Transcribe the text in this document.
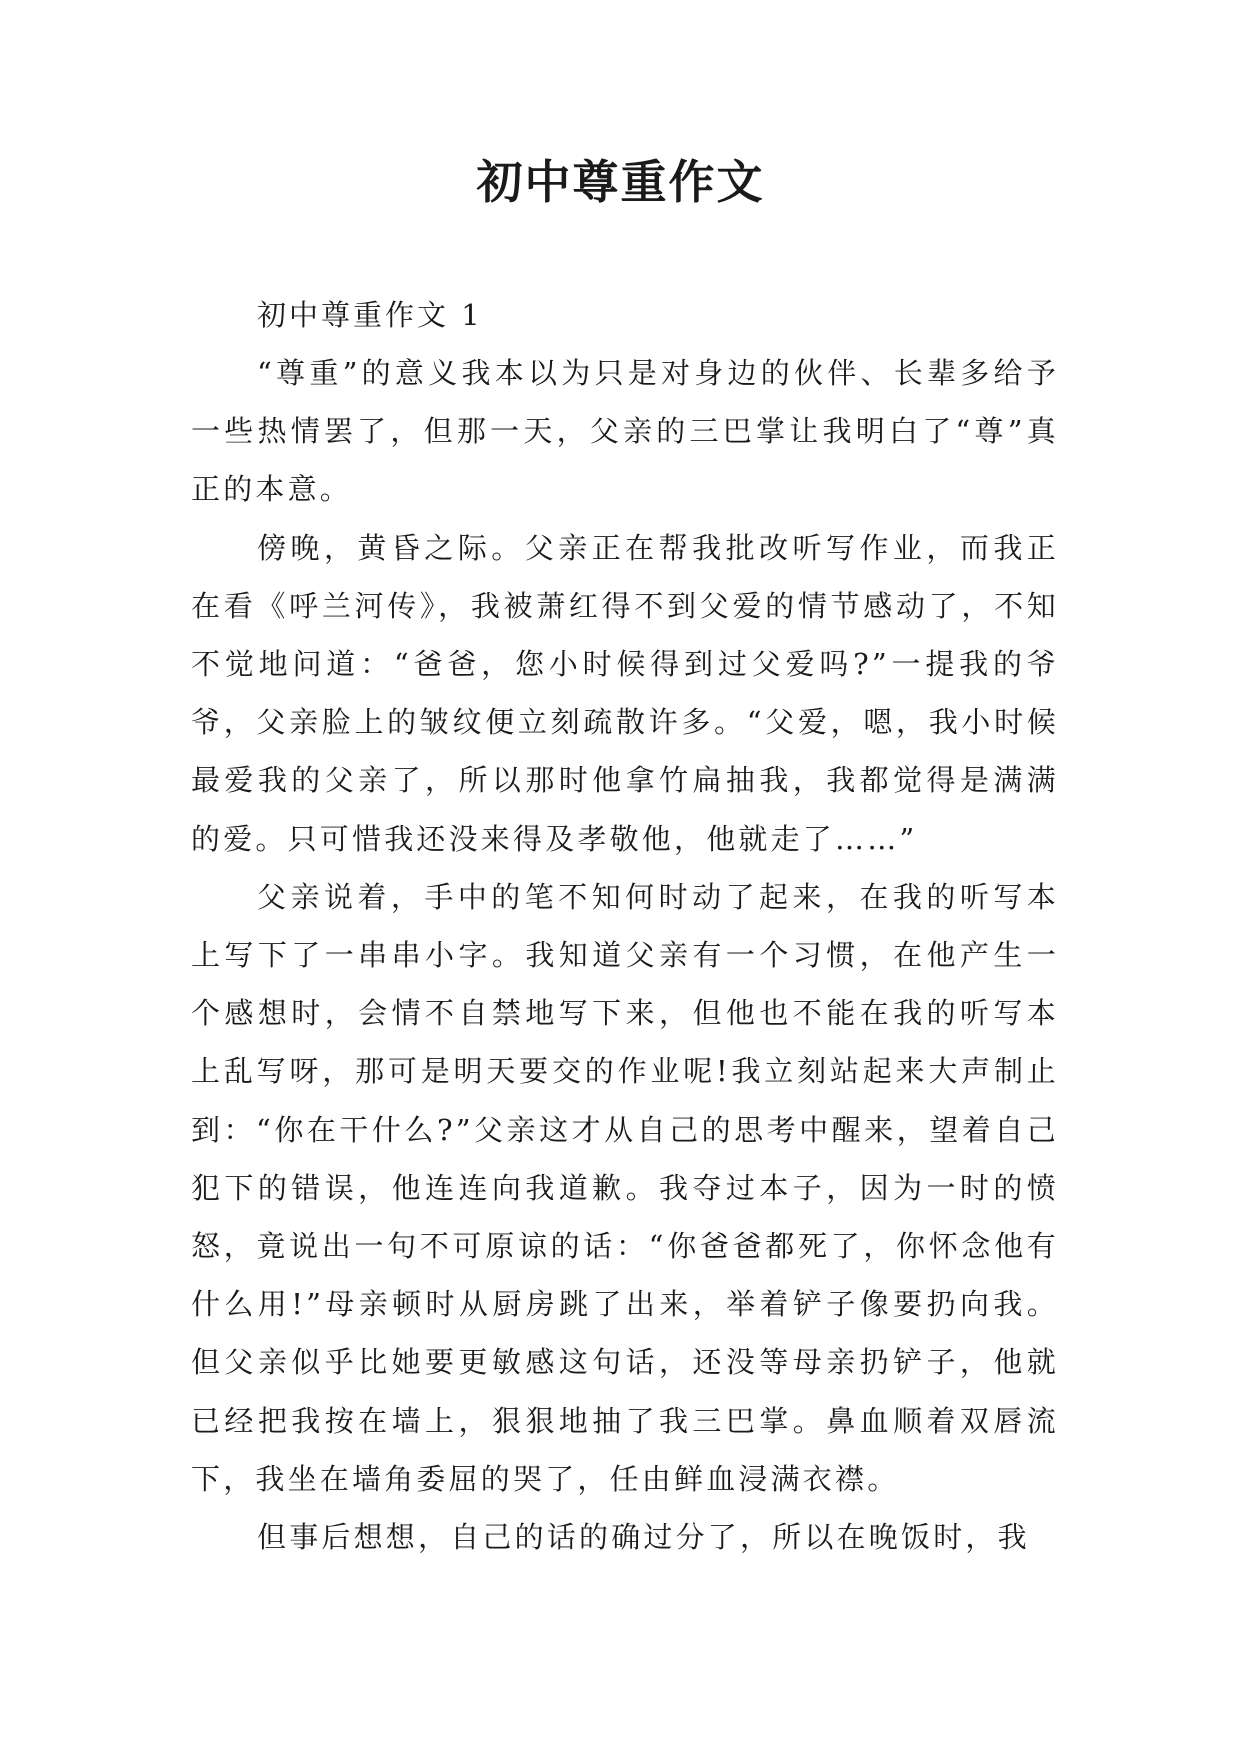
初中尊重作文

初中尊重作文 1

“尊重”的意义我本以为只是对身边的伙伴、长辈多给予一些热情罢了，但那一天，父亲的三巴掌让我明白了“尊”真正的本意。

傍晚，黄昏之际。父亲正在帮我批改听写作业，而我正在看《呼兰河传》，我被萧红得不到父爱的情节感动了，不知不觉地问道：“爸爸，您小时候得到过父爱吗?”一提我的爷爷，父亲脸上的皱纹便立刻疏散许多。“父爱，嗯，我小时候最爱我的父亲了，所以那时他拿竹扁抽我，我都觉得是满满的爱。只可惜我还没来得及孝敬他，他就走了……”

父亲说着，手中的笔不知何时动了起来，在我的听写本上写下了一串串小字。我知道父亲有一个习惯，在他产生一个感想时，会情不自禁地写下来，但他也不能在我的听写本上乱写呀，那可是明天要交的作业呢!我立刻站起来大声制止到：“你在干什么?”父亲这才从自己的思考中醒来，望着自己犯下的错误，他连连向我道歉。我夺过本子，因为一时的愤怒，竟说出一句不可原谅的话：“你爸爸都死了，你怀念他有什么用!”母亲顿时从厨房跳了出来，举着铲子像要扔向我。但父亲似乎比她要更敏感这句话，还没等母亲扔铲子，他就已经把我按在墙上，狠狠地抽了我三巴掌。鼻血顺着双唇流下，我坐在墙角委屈的哭了，任由鲜血浸满衣襟。

但事后想想，自己的话的确过分了，所以在晚饭时，我
